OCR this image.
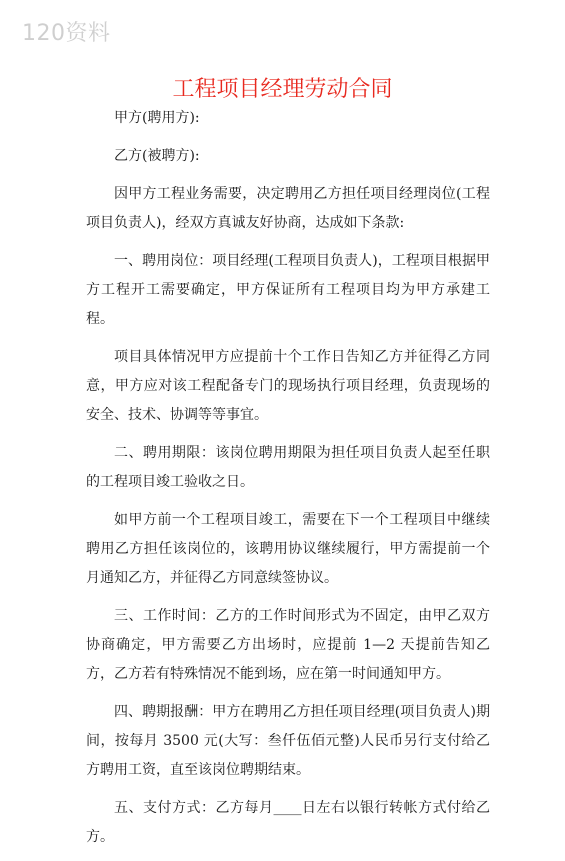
120资料
工程项目经理劳动合同

甲方(聘用方):

乙方(被聘方):

因甲方工程业务需要，决定聘用乙方担任项目经理岗位(工程项目负责人)，经双方真诚友好协商，达成如下条款:

一、聘用岗位：项目经理(工程项目负责人)，工程项目根据甲方工程开工需要确定，甲方保证所有工程项目均为甲方承建工程。

项目具体情况甲方应提前十个工作日告知乙方并征得乙方同意，甲方应对该工程配备专门的现场执行项目经理，负责现场的安全、技术、协调等等事宜。

二、聘用期限：该岗位聘用期限为担任项目负责人起至任职的工程项目竣工验收之日。

如甲方前一个工程项目竣工，需要在下一个工程项目中继续聘用乙方担任该岗位的，该聘用协议继续履行，甲方需提前一个月通知乙方，并征得乙方同意续签协议。

三、工作时间：乙方的工作时间形式为不固定，由甲乙双方协商确定，甲方需要乙方出场时，应提前 1—2 天提前告知乙方，乙方若有特殊情况不能到场，应在第一时间通知甲方。

四、聘期报酬：甲方在聘用乙方担任项目经理(项目负责人)期间，按每月 3500 元(大写：叁仟伍佰元整)人民币另行支付给乙方聘用工资，直至该岗位聘期结束。

五、支付方式：乙方每月____日左右以银行转帐方式付给乙方。
